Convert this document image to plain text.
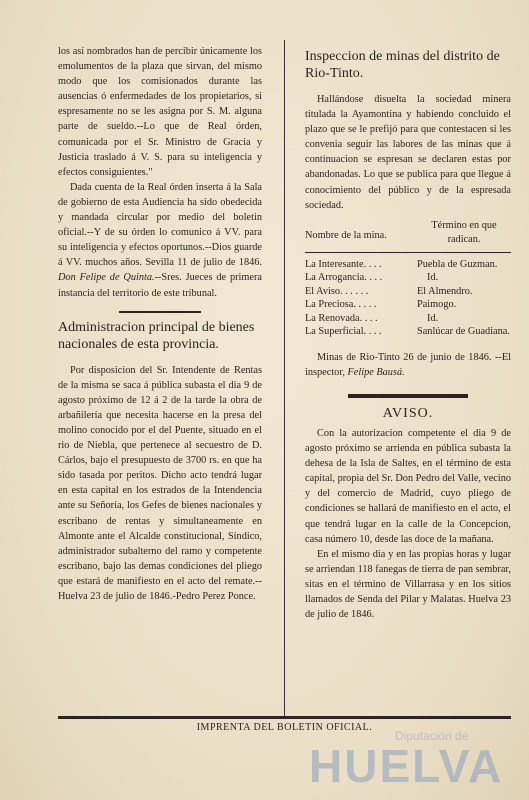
los así nombrados han de percibir únicamente los emolumentos de la plaza que sirvan, del mismo modo que los comisionados durante las ausencias ó enfermedades de los propietarios, si espresamente no se les asigna por S. M. alguna parte de sueldo.--Lo que de Real órden, comunicada por el Sr. Ministro de Gracia y Justicia traslado á V. S. para su inteligencia y efectos consiguientes."

Dada cuenta de la Real órden inserta á la Sala de gobierno de esta Audiencia ha sido obedecida y mandada circular por medio del boletin oficial.--Y de su órden lo comunico á VV. para su inteligencia y efectos oportunos.--Dios guarde á VV. muchos años. Sevilla 11 de julio de 1846. Don Felipe de Quinta.--Sres. Jueces de primera instancia del territorio de este tribunal.

Administracion principal de bienes nacionales de esta provincia.

Por disposicion del Sr. Intendente de Rentas de la misma se saca á pública subasta el dia 9 de agosto próximo de 12 á 2 de la tarde la obra de arbañilería que necesita hacerse en la presa del molino conocido por el del Puente, situado en el rio de Niebla, que pertenece al secuestro de D. Cárlos, bajo el presupuesto de 3700 rs. en que ha sido tasada por peritos. Dicho acto tendrá lugar en esta capital en los estrados de la Intendencia ante su Señoría, los Gefes de bienes nacionales y escribano de rentas y simultaneamente en Almonte ante el Alcalde constitucional, Síndico, administrador subalterno del ramo y competente escribano, bajo las demas condiciones del pliego que estará de manifiesto en el acto del remate.--Huelva 23 de julio de 1846.-Pedro Perez Ponce.

Inspeccion de minas del distrito de Rio-Tinto.

Hallándose disuelta la sociedad minera titulada la Ayamontina y habiendo concluido el plazo que se le prefijó para que contestacen si les convenia seguir las labores de las minas que á continuacion se espresan se declaren estas por abandonadas. Lo que se publica para que llegue á conocimiento del público y de la espresada sociedad.

Nombre de la mina.
Término en que radican.
La Interesante. . . .	Puebla de Guzman.
La Arrogancia. . . .	Id.
El Aviso. . . . . .	El Almendro.
La Preciosa. . . . .	Paimogo.
La Renovada. . . .	Id.
La Superficial. . . .	Sanlúcar de Guadiana.

Minas de Rio-Tinto 26 de junio de 1846. --El inspector, Felipe Bausá.

AVISO.

Con la autorizacion competente el dia 9 de agosto próximo se arrienda en pública subasta la dehesa de la Isla de Saltes, en el término de esta capital, propia del Sr. Don Pedro del Valle, vecino y del comercio de Madrid, cuyo pliego de condiciones se hallará de manifiesto en el acto, el que tendrá lugar en la calle de la Concepcion, casa número 10, desde las doce de la mañana.

En el mismo dia y en las propias horas y lugar se arriendan 118 fanegas de tierra de pan sembrar, sitas en el término de Villarrasa y en los sitios llamados de Senda del Pilar y Malatas. Huelva 23 de julio de 1846.

IMPRENTA DEL BOLETIN OFICIAL.
Diputación de
HUELVA
